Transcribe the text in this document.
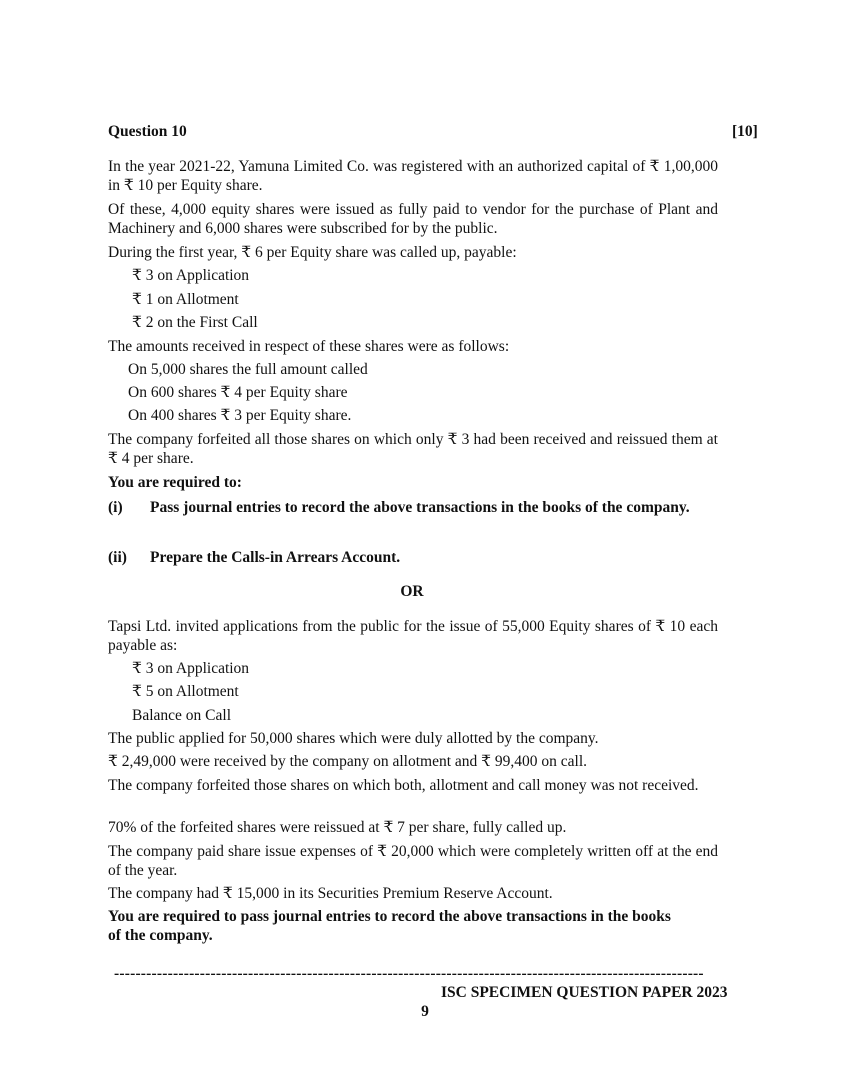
Question 10	[10]
In the year 2021-22, Yamuna Limited Co. was registered with an authorized capital of ₹ 1,00,000 in ₹ 10 per Equity share.
Of these, 4,000 equity shares were issued as fully paid to vendor for the purchase of Plant and Machinery and 6,000 shares were subscribed for by the public.
During the first year, ₹ 6 per Equity share was called up, payable:
₹ 3 on Application
₹ 1 on Allotment
₹ 2 on the First Call
The amounts received in respect of these shares were as follows:
On 5,000 shares the full amount called
On 600 shares ₹ 4 per Equity share
On 400 shares ₹ 3 per Equity share.
The company forfeited all those shares on which only ₹ 3 had been received and reissued them at ₹ 4 per share.
You are required to:
(i) Pass journal entries to record the above transactions in the books of the company.
(ii) Prepare the Calls-in Arrears Account.
OR
Tapsi Ltd. invited applications from the public for the issue of 55,000 Equity shares of ₹ 10 each payable as:
₹ 3 on Application
₹ 5 on Allotment
Balance on Call
The public applied for 50,000 shares which were duly allotted by the company.
₹ 2,49,000 were received by the company on allotment and ₹ 99,400 on call.
The company forfeited those shares on which both, allotment and call money was not received.
70% of the forfeited shares were reissued at ₹ 7 per share, fully called up.
The company paid share issue expenses of ₹ 20,000 which were completely written off at the end of the year.
The company had ₹ 15,000 in its Securities Premium Reserve Account.
You are required to pass journal entries to record the above transactions in the books of the company.
--------------------------------------------------------------------------------------------------------------
ISC SPECIMEN QUESTION PAPER 2023
9
